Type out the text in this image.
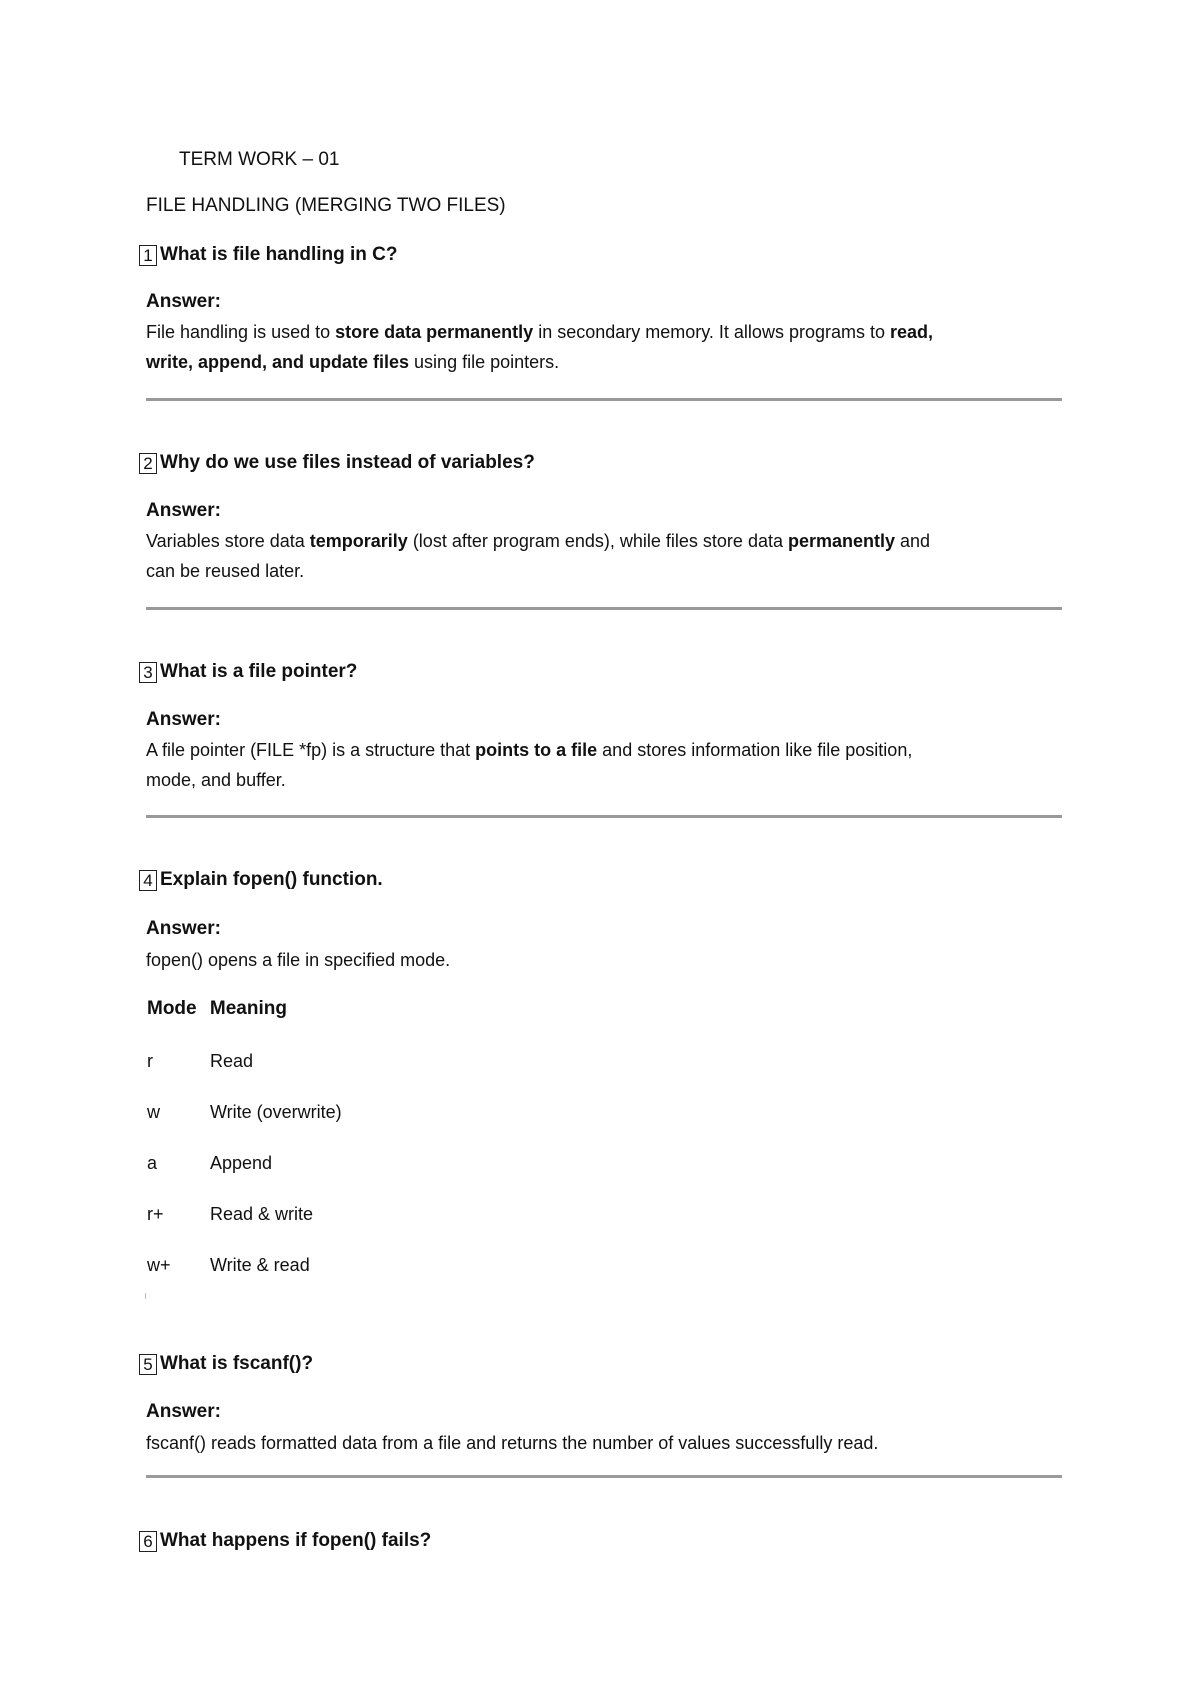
TERM WORK – 01
FILE HANDLING (MERGING TWO FILES)
1 What is file handling in C?
Answer:
File handling is used to store data permanently in secondary memory. It allows programs to read,
write, append, and update files using file pointers.
2 Why do we use files instead of variables?
Answer:
Variables store data temporarily (lost after program ends), while files store data permanently and
can be reused later.
3 What is a file pointer?
Answer:
A file pointer (FILE *fp) is a structure that points to a file and stores information like file position,
mode, and buffer.
4 Explain fopen() function.
Answer:
fopen() opens a file in specified mode.
Mode Meaning
r	Read
w	Write (overwrite)
a	Append
r+	Read & write
w+ Write & read
5 What is fscanf()?
Answer:
fscanf() reads formatted data from a file and returns the number of values successfully read.
6 What happens if fopen() fails?
